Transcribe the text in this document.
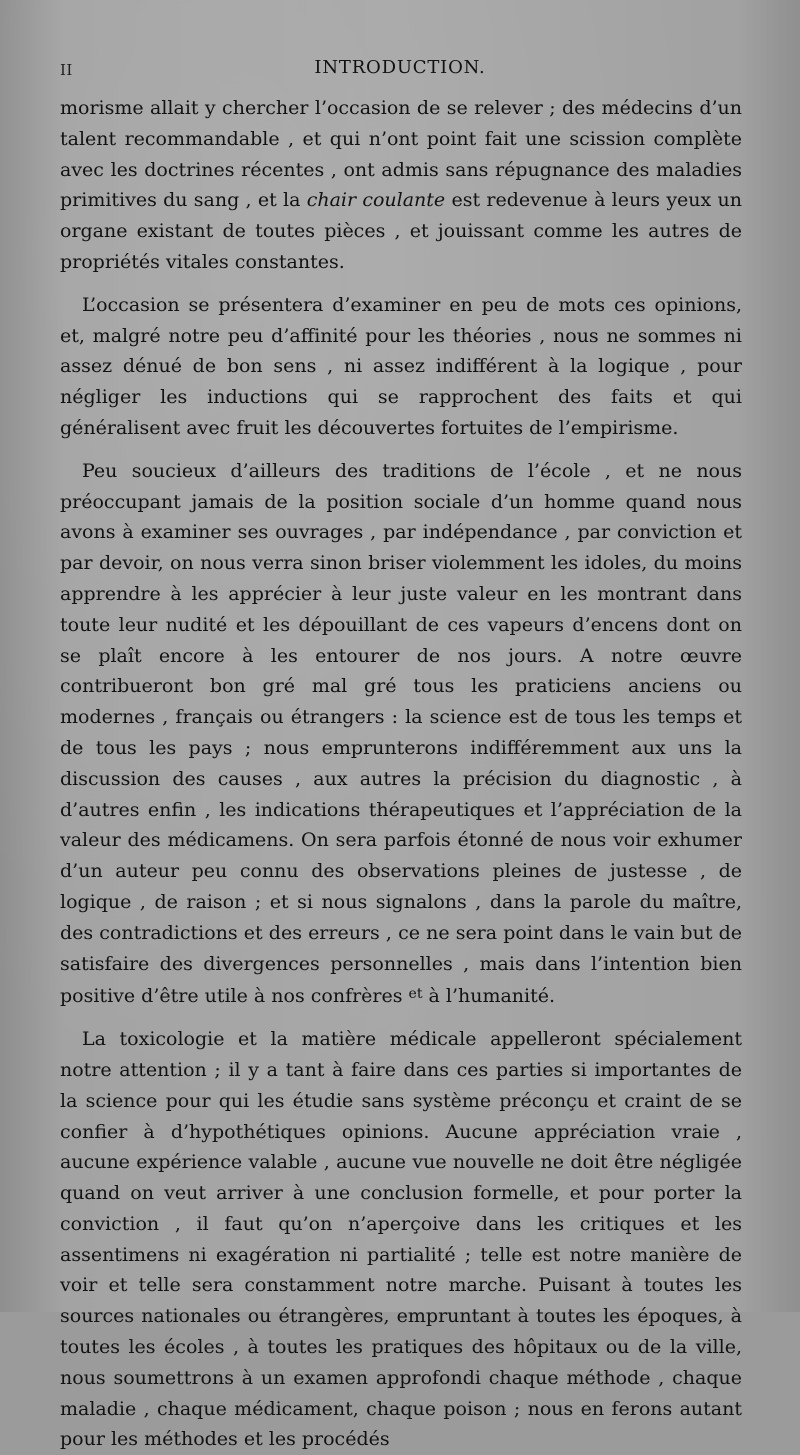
II	INTRODUCTION.

morisme allait y chercher l’occasion de se relever ; des médecins d’un talent recommandable , et qui n’ont point fait une scission complète avec les doctrines récentes , ont admis sans répugnance des maladies primitives du sang , et la chair coulante est redevenue à leurs yeux un organe existant de toutes pièces , et jouissant comme les autres de propriétés vitales constantes.

L’occasion se présentera d’examiner en peu de mots ces opinions, et, malgré notre peu d’affinité pour les théories , nous ne sommes ni assez dénué de bon sens , ni assez indifférent à la logique , pour négliger les inductions qui se rapprochent des faits et qui généralisent avec fruit les découvertes fortuites de l’empirisme.

Peu soucieux d’ailleurs des traditions de l’école , et ne nous préoccupant jamais de la position sociale d’un homme quand nous avons à examiner ses ouvrages , par indépendance , par conviction et par devoir, on nous verra sinon briser violemment les idoles, du moins apprendre à les apprécier à leur juste valeur en les montrant dans toute leur nudité et les dépouillant de ces vapeurs d’encens dont on se plaît encore à les entourer de nos jours. A notre œuvre contribueront bon gré mal gré tous les praticiens anciens ou modernes , français ou étrangers : la science est de tous les temps et de tous les pays ; nous emprunterons indifféremment aux uns la discussion des causes , aux autres la précision du diagnostic , à d’autres enfin , les indications thérapeutiques et l’appréciation de la valeur des médicamens. On sera parfois étonné de nous voir exhumer d’un auteur peu connu des observations pleines de justesse , de logique , de raison ; et si nous signalons , dans la parole du maître, des contradictions et des erreurs , ce ne sera point dans le vain but de satisfaire des divergences personnelles , mais dans l’intention bien positive d’être utile à nos confrères $^{et}$ à l’humanité.

La toxicologie et la matière médicale appelleront spécialement notre attention ; il y a tant à faire dans ces parties si importantes de la science pour qui les étudie sans système préconçu et craint de se confier à d’hypothétiques opinions. Aucune appréciation vraie , aucune expérience valable , aucune vue nouvelle ne doit être négligée quand on veut arriver à une conclusion formelle, et pour porter la conviction , il faut qu’on n’aperçoive dans les critiques et les assentimens ni exagération ni partialité ; telle est notre manière de voir et telle sera constamment notre marche. Puisant à toutes les sources nationales ou étrangères, empruntant à toutes les époques, à toutes les écoles , à toutes les pratiques des hôpitaux ou de la ville, nous soumettrons à un examen approfondi chaque méthode , chaque maladie , chaque médicament, chaque poison ; nous en ferons autant pour les méthodes et les procédés
